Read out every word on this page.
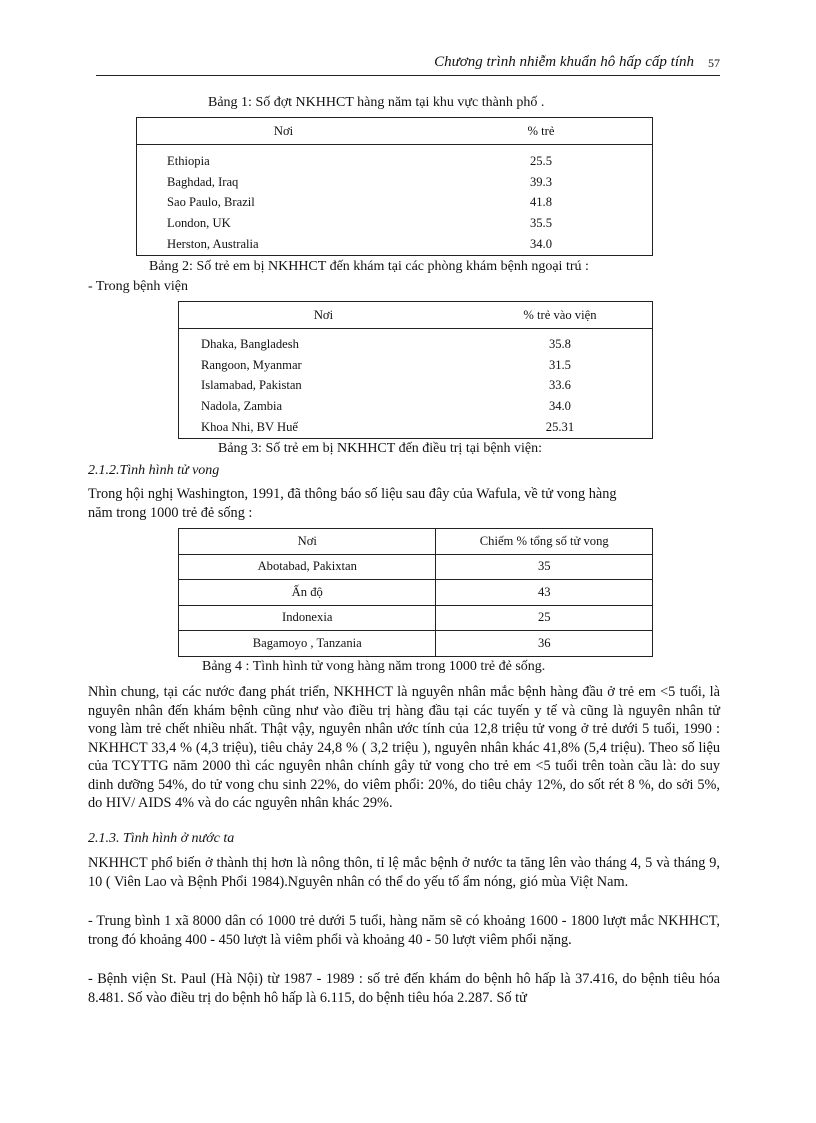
Chương trình nhiễm khuẩn hô hấp cấp tính 57
Bảng 1: Số đợt NKHHCT hàng năm tại khu vực thành phố .
Nơi	% trẻ

Ethiopia	25.5
Baghdad, Iraq	39.3
Sao Paulo, Brazil	41.8
London, UK	35.5
Herston, Australia	34.0
Bảng 2: Số trẻ em bị NKHHCT đến khám tại các phòng khám bệnh ngoại trú :
- Trong bệnh viện
Nơi	% trẻ vào viện

Dhaka, Bangladesh	35.8
Rangoon, Myanmar	31.5
Islamabad, Pakistan	33.6
Nadola, Zambia	34.0
Khoa Nhi, BV Huế	25.31
Bảng 3: Số trẻ em bị NKHHCT đến điều trị tại bệnh viện:
2.1.2.Tình hình tử vong
Trong hội nghị Washington, 1991, đã thông báo số liệu sau đây của Wafula, về tử vong hàng
năm trong 1000 trẻ đẻ sống :
Nơi	Chiếm % tổng số tử vong
Abotabad, Pakixtan	35
Ấn độ	43
Indonexia	25
Bagamoyo , Tanzania	36
Bảng 4 : Tình hình tử vong hàng năm trong 1000 trẻ đẻ sống.
Nhìn chung, tại các nước đang phát triển, NKHHCT là nguyên nhân mắc bệnh hàng đầu ở trẻ em <5 tuổi, là nguyên nhân đến khám bệnh cũng như vào điều trị hàng đầu tại các tuyến y tế và cũng là nguyên nhân tử vong làm trẻ chết nhiều nhất. Thật vậy, nguyên nhân ước tính của 12,8 triệu tử vong ở trẻ dưới 5 tuổi, 1990 : NKHHCT 33,4 % (4,3 triệu), tiêu chảy 24,8 % ( 3,2 triệu ), nguyên nhân khác 41,8% (5,4 triệu). Theo số liệu của TCYTTG năm 2000 thì các nguyên nhân chính gây tử vong cho trẻ em <5 tuổi trên toàn cầu là: do suy dinh dưỡng 54%, do tử vong chu sinh 22%, do viêm phổi: 20%, do tiêu chảy 12%, do sốt rét 8 %, do sởi 5%, do HIV/ AIDS 4% và do các nguyên nhân khác 29%.
2.1.3. Tình hình ở nước ta
NKHHCT phổ biến ở thành thị hơn là nông thôn, tỉ lệ mắc bệnh ở nước ta tăng lên vào tháng 4, 5 và tháng 9, 10 ( Viên Lao và Bệnh Phổi 1984).Nguyên nhân có thể do yếu tố ẩm nóng, gió mùa Việt Nam.
- Trung bình 1 xã 8000 dân có 1000 trẻ dưới 5 tuổi, hàng năm sẽ có khoảng 1600 - 1800 lượt mắc NKHHCT, trong đó khoảng 400 - 450 lượt là viêm phổi và khoảng 40 - 50 lượt viêm phổi nặng.
- Bệnh viện St. Paul (Hà Nội) từ 1987 - 1989 : số trẻ đến khám do bệnh hô hấp là 37.416, do bệnh tiêu hóa 8.481. Số vào điều trị do bệnh hô hấp là 6.115, do bệnh tiêu hóa 2.287. Số tử
